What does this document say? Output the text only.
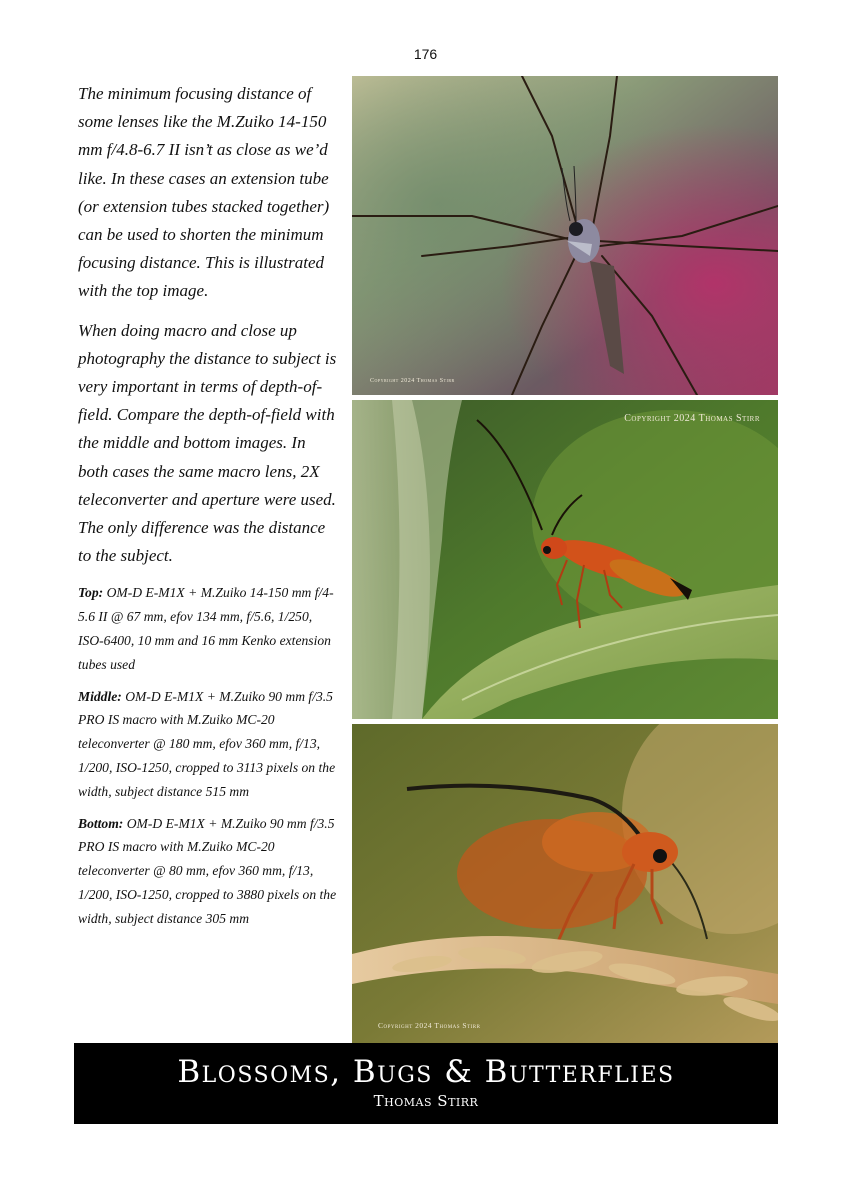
176

The minimum focusing distance of some lenses like the M.Zuiko 14-150 mm f/4.8-6.7 II isn’t as close as we’d like. In these cases an extension tube (or extension tubes stacked together) can be used to shorten the minimum focusing distance. This is illustrated with the top image.

When doing macro and close up photography the distance to subject is very important in terms of depth-of-field. Compare the depth-of-field with the middle and bottom images. In both cases the same macro lens, 2X teleconverter and aperture were used. The only difference was the distance to the subject.

Top: OM-D E-M1X + M.Zuiko 14-150 mm f/4-5.6 II @ 67 mm, efov 134 mm, f/5.6, 1/250, ISO-6400, 10 mm and 16 mm Kenko extension tubes used

Middle: OM-D E-M1X + M.Zuiko 90 mm f/3.5 PRO IS macro with M.Zuiko MC-20 teleconverter @ 180 mm, efov 360 mm, f/13, 1/200, ISO-1250, cropped to 3113 pixels on the width, subject distance 515 mm

Bottom: OM-D E-M1X + M.Zuiko 90 mm f/3.5 PRO IS macro with M.Zuiko MC-20 teleconverter @ 80 mm, efov 360 mm, f/13, 1/200, ISO-1250, cropped to 3880 pixels on the width, subject distance 305 mm

Copyright 2024 Thomas Stirr
Copyright 2024 Thomas Stirr
Copyright 2024 Thomas Stirr
Blossoms, Bugs & Butterflies
Thomas Stirr
